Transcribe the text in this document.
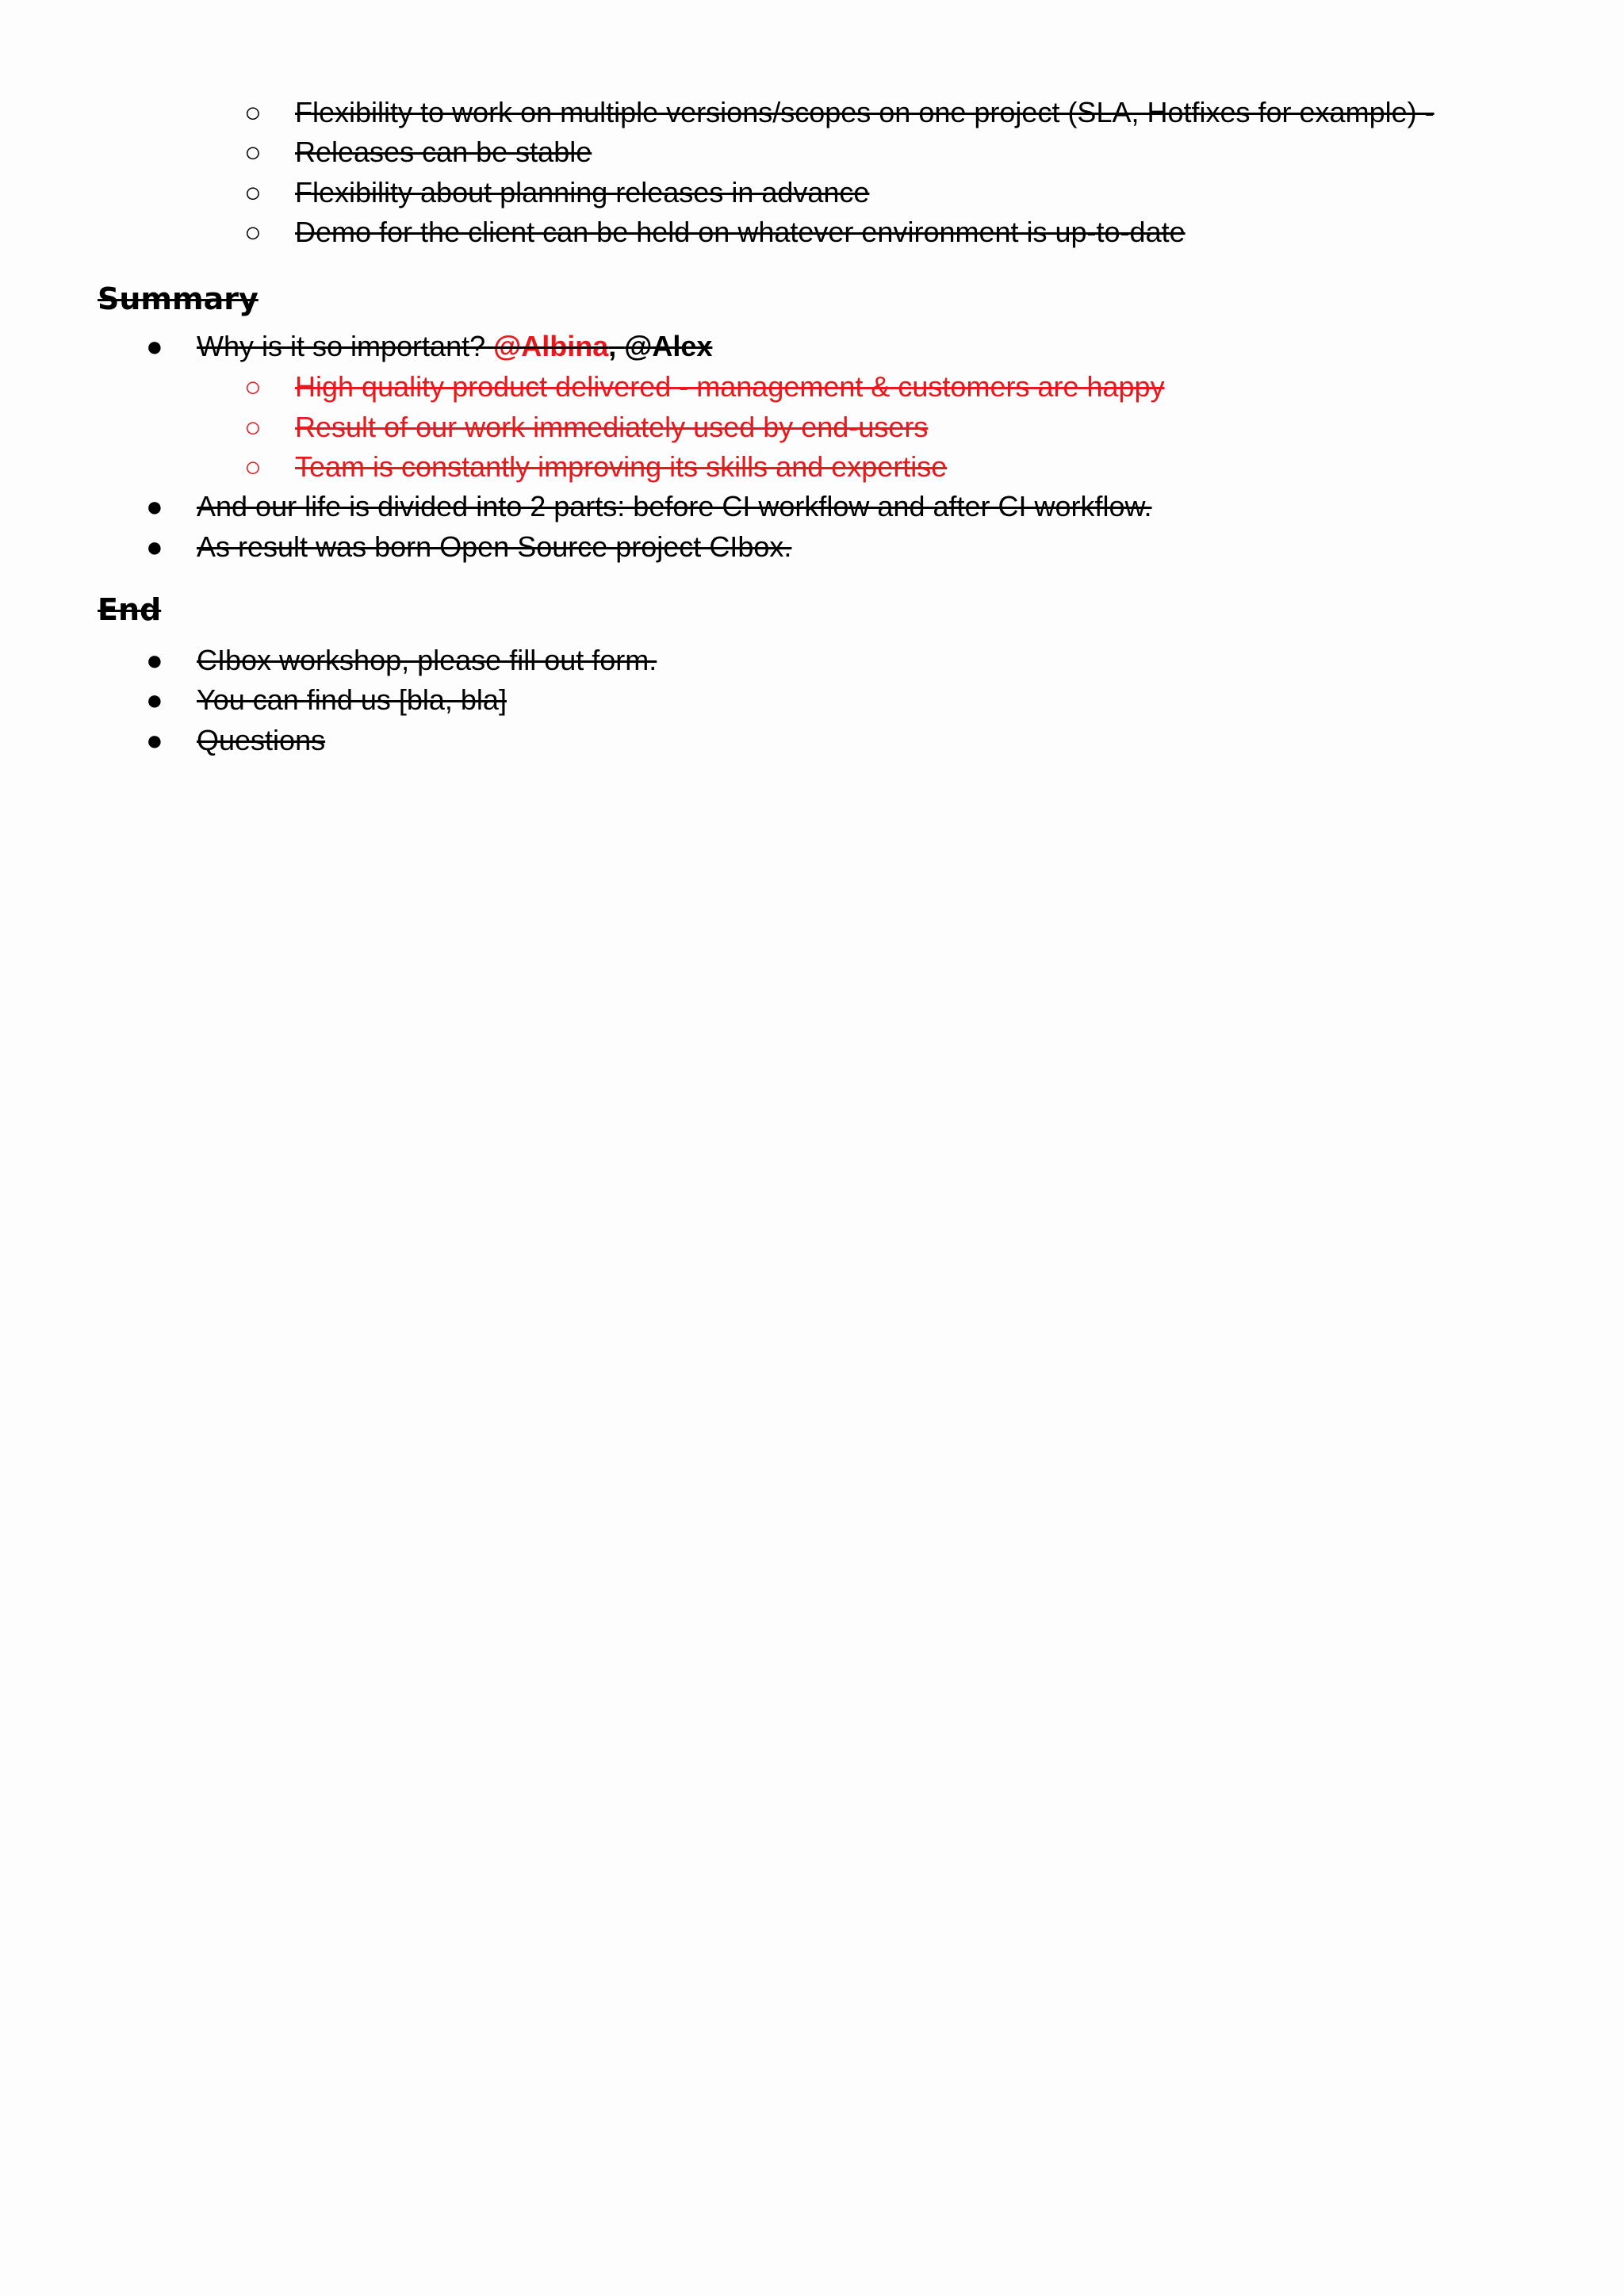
○ Flexibility to work on multiple versions/scopes on one project (SLA, Hotfixes for example) -
○ Releases can be stable
○ Flexibility about planning releases in advance
○ Demo for the client can be held on whatever environment is up-to-date
Summary
● Why is it so important? @Albina, @Alex
○ High quality product delivered - management & customers are happy
○ Result of our work immediately used by end-users
○ Team is constantly improving its skills and expertise
● And our life is divided into 2 parts: before CI workflow and after CI workflow.
● As result was born Open Source project CIbox.
End
● CIbox workshop, please fill out form.
● You can find us [bla, bla]
● Questions
